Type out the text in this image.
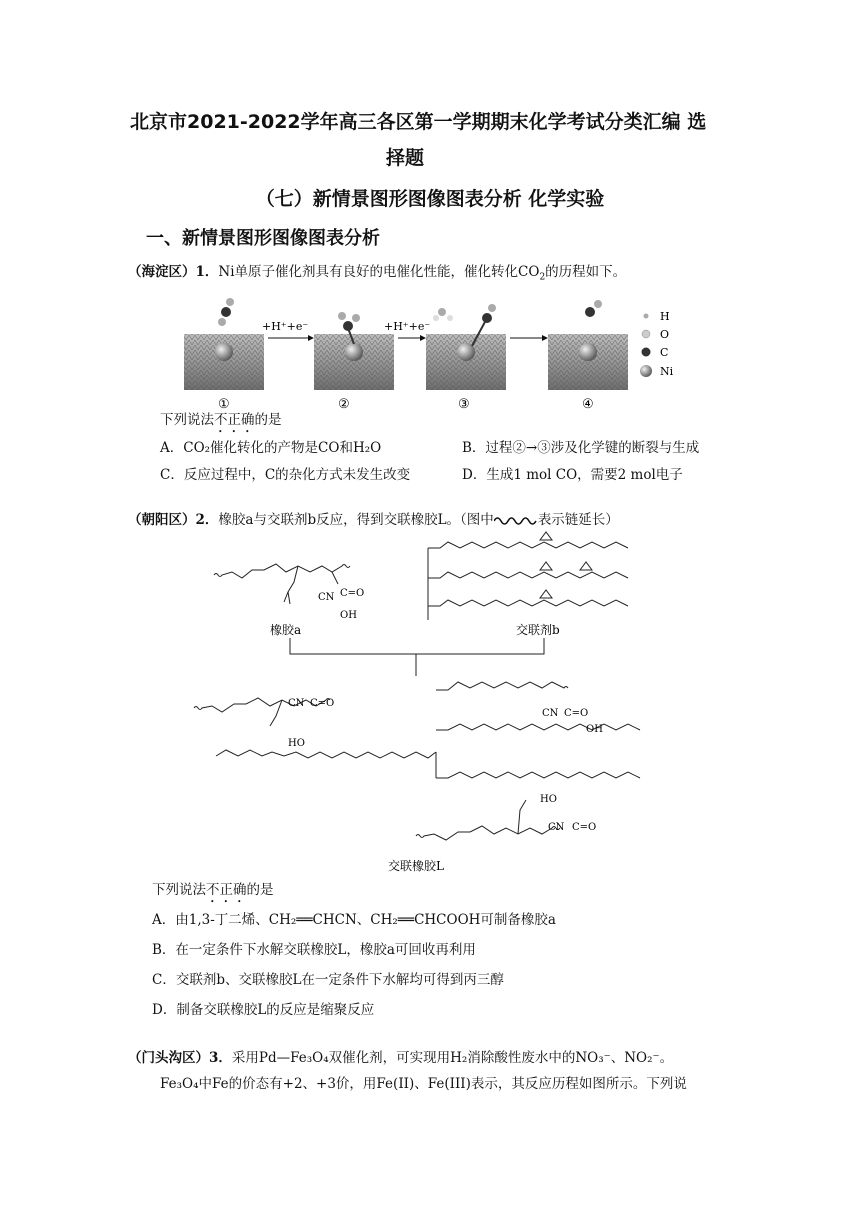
北京市2021-2022学年高三各区第一学期期末化学考试分类汇编 选
择题
（七）新情景图形图像图表分析 化学实验
一、新情景图形图像图表分析
（海淀区）1．Ni单原子催化剂具有良好的电催化性能，催化转化$CO_2$的历程如下。
+H⁺+e⁻	+H⁺+e⁻
①	②	③	④
H
O
C
Ni
下列说法不正确的是
A．CO₂催化转化的产物是CO和H₂O	B．过程②→③涉及化学键的断裂与生成
C．反应过程中，C的杂化方式未发生改变	D．生成1 mol CO，需要2 mol电子
（朝阳区）2．橡胶a与交联剂b反应，得到交联橡胶L。（图中	表示链延长）
CN C=O
OH
CN C=O
HO
CN C=O
OH
HO
CN C=O
橡胶a	交联剂b
交联橡胶L
下列说法不正确的是
A．由1,3-丁二烯、CH₂══CHCN、CH₂══CHCOOH可制备橡胶a
B．在一定条件下水解交联橡胶L，橡胶a可回收再利用
C．交联剂b、交联橡胶L在一定条件下水解均可得到丙三醇
D．制备交联橡胶L的反应是缩聚反应
（门头沟区）3．采用Pd—Fe₃O₄双催化剂，可实现用H₂消除酸性废水中的NO₃⁻、NO₂⁻。
Fe₃O₄中Fe的价态有+2、+3价，用Fe(II)、Fe(III)表示，其反应历程如图所示。下列说
